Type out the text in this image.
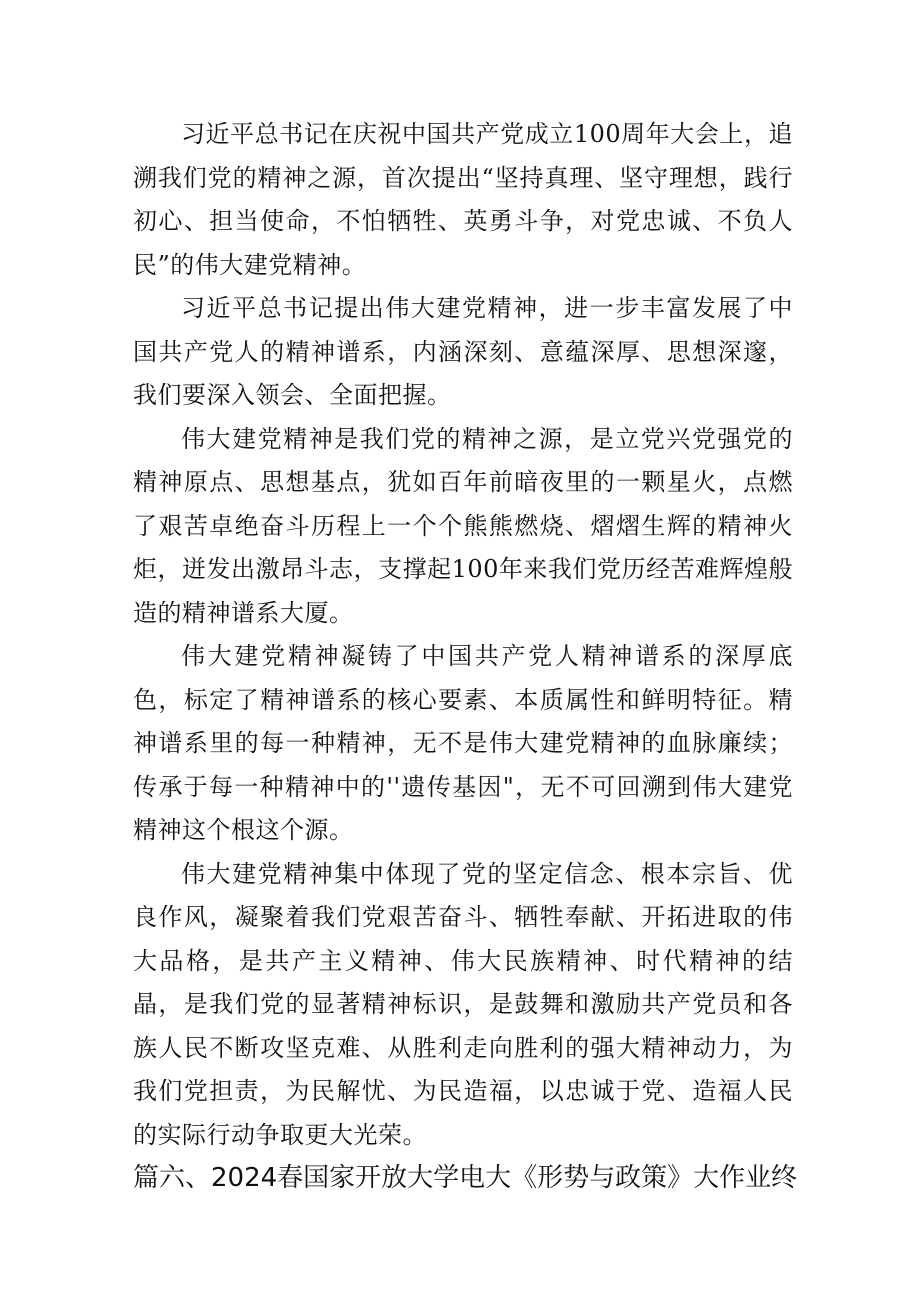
习近平总书记在庆祝中国共产党成立100周年大会上，追溯我们党的精神之源，首次提出“坚持真理、坚守理想，践行初心、担当使命，不怕牺牲、英勇斗争，对党忠诚、不负人民”的伟大建党精神。

习近平总书记提出伟大建党精神，进一步丰富发展了中国共产党人的精神谱系，内涵深刻、意蕴深厚、思想深邃，我们要深入领会、全面把握。

伟大建党精神是我们党的精神之源，是立党兴党强党的精神原点、思想基点，犹如百年前暗夜里的一颗星火，点燃了艰苦卓绝奋斗历程上一个个熊熊燃烧、熠熠生辉的精神火炬，迸发出激昂斗志，支撑起100年来我们党历经苦难辉煌般造的精神谱系大厦。

伟大建党精神凝铸了中国共产党人精神谱系的深厚底色，标定了精神谱系的核心要素、本质属性和鲜明特征。精神谱系里的每一种精神，无不是伟大建党精神的血脉廉续；传承于每一种精神中的''遗传基因"，无不可回溯到伟大建党精神这个根这个源。

伟大建党精神集中体现了党的坚定信念、根本宗旨、优良作风，凝聚着我们党艰苦奋斗、牺牲奉献、开拓进取的伟大品格，是共产主义精神、伟大民族精神、时代精神的结晶，是我们党的显著精神标识，是鼓舞和激励共产党员和各族人民不断攻坚克难、从胜利走向胜利的强大精神动力，为我们党担责，为民解忧、为民造福，以忠诚于党、造福人民的实际行动争取更大光荣。

篇六、2024春国家开放大学电大《形势与政策》大作业终
